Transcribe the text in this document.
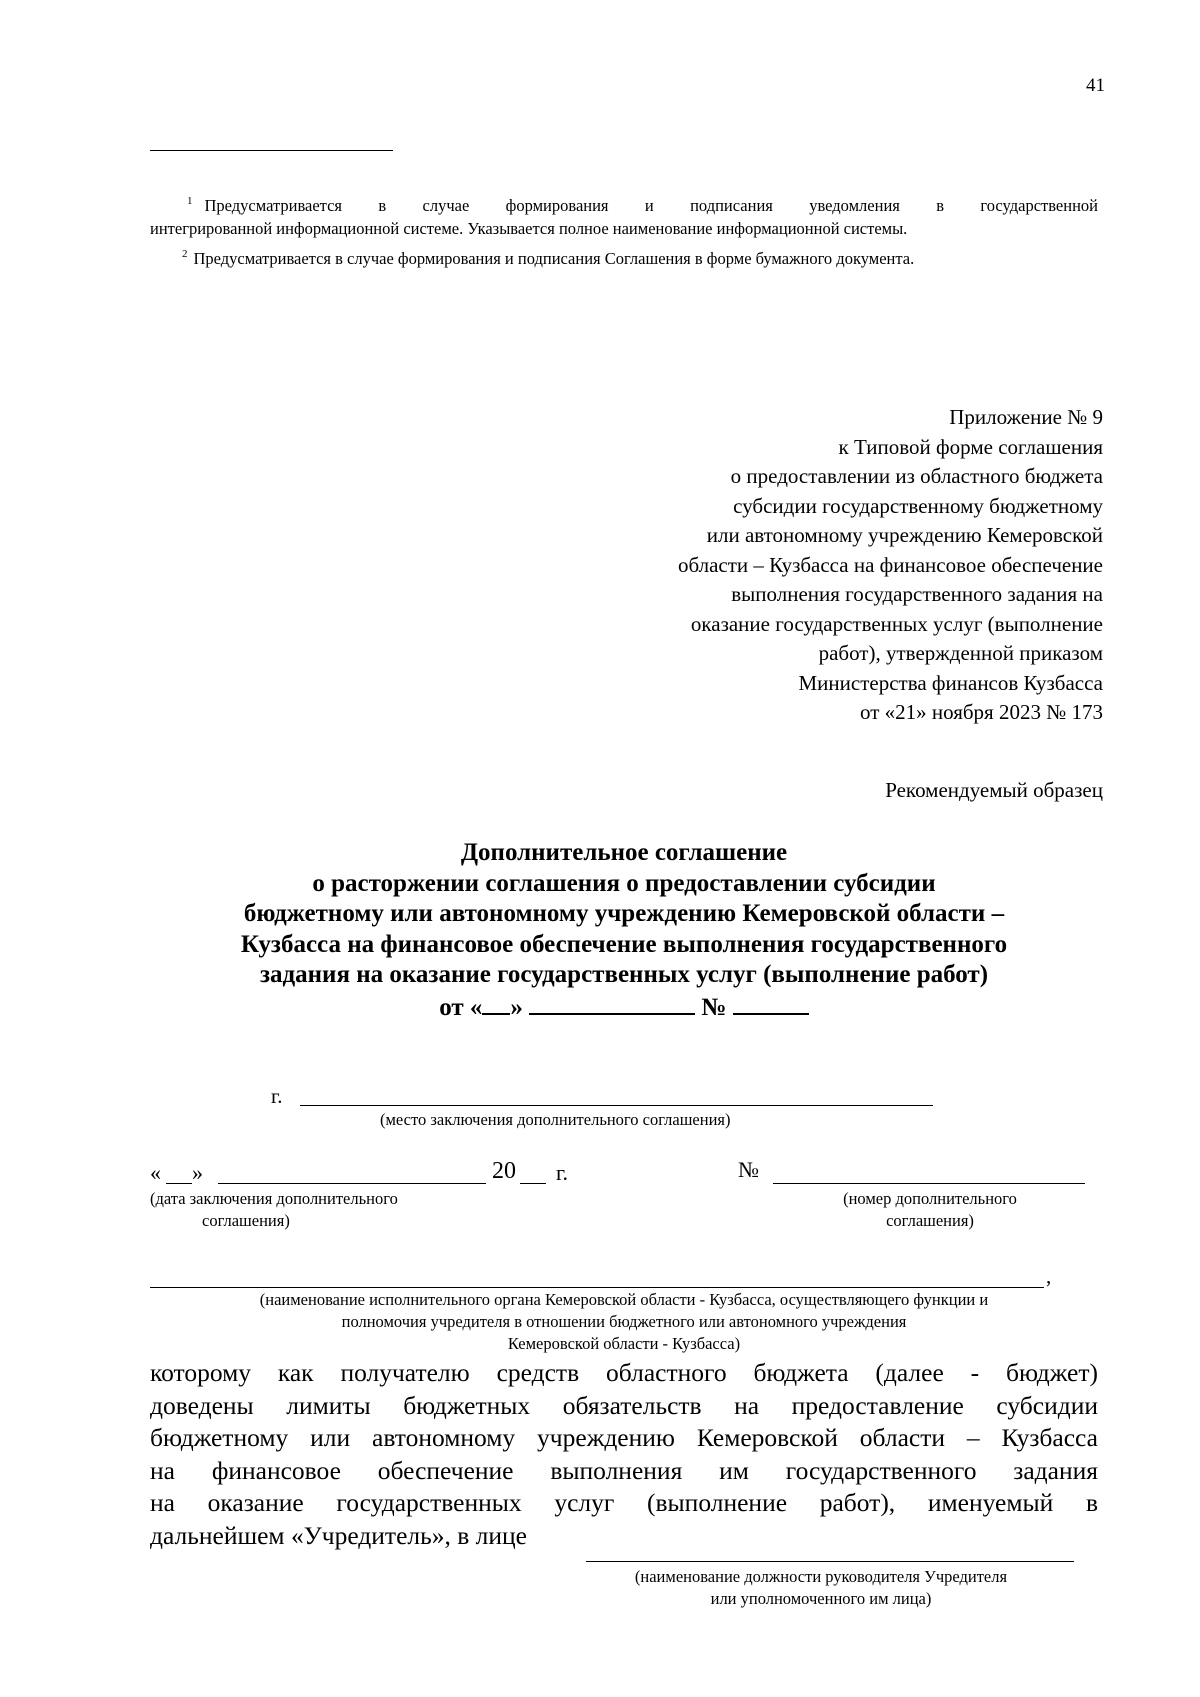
41
$^1$ Предусматривается в случае формирования и подписания уведомления в государственной
интегрированной информационной системе. Указывается полное наименование информационной системы.
$^2$ Предусматривается в случае формирования и подписания Соглашения в форме бумажного документа.
Приложение № 9
к Типовой форме соглашения
о предоставлении из областного бюджета
субсидии государственному бюджетному
или автономному учреждению Кемеровской
области – Кузбасса на финансовое обеспечение
выполнения государственного задания на
оказание государственных услуг (выполнение
работ), утвержденной приказом
Министерства финансов Кузбасса
от «21» ноября 2023 № 173
Рекомендуемый образец
Дополнительное соглашение
о расторжении соглашения о предоставлении субсидии
бюджетному или автономному учреждению Кемеровской области –
Кузбасса на финансовое обеспечение выполнения государственного
задания на оказание государственных услуг (выполнение работ)
от « »	№
г.
(место заключения дополнительного соглашения)
« »	20 г.	№
(дата заключения дополнительного
соглашения)
(номер дополнительного
соглашения)
,
(наименование исполнительного органа Кемеровской области - Кузбасса, осуществляющего функции и
полномочия учредителя в отношении бюджетного или автономного учреждения
Кемеровской области - Кузбасса)
которому как получателю средств областного бюджета (далее - бюджет)
доведены лимиты бюджетных обязательств на предоставление субсидии
бюджетному или автономному учреждению Кемеровской области – Кузбасса
на финансовое обеспечение выполнения им государственного задания
на оказание государственных услуг (выполнение работ), именуемый в
дальнейшем «Учредитель», в лице
(наименование должности руководителя Учредителя
или уполномоченного им лица)
